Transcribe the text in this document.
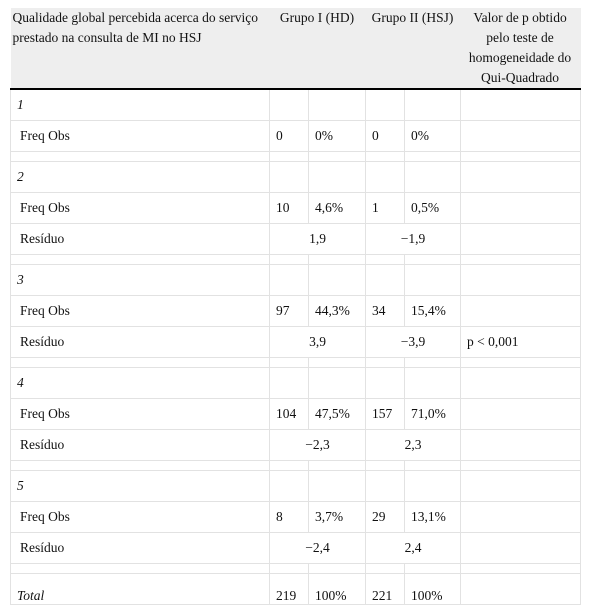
Qualidade global percebida acerca do serviço prestado na consulta de MI no HSJ	Grupo I (HD)		Grupo II (HSJ)		Valor de p obtido pelo teste de homogeneidade do Qui-Quadrado
1					
Freq Obs	0	0%	0	0%	

2					
Freq Obs	10	4,6%	1	0,5%	
Resíduo	1,9		−1,9		

3					
Freq Obs	97	44,3%	34	15,4%	
Resíduo	3,9		−3,9		p < 0,001

4					
Freq Obs	104	47,5%	157	71,0%	
Resíduo	−2,3		2,3		

5					
Freq Obs	8	3,7%	29	13,1%	
Resíduo	−2,4		2,4		

Total	219	100%	221	100%	
